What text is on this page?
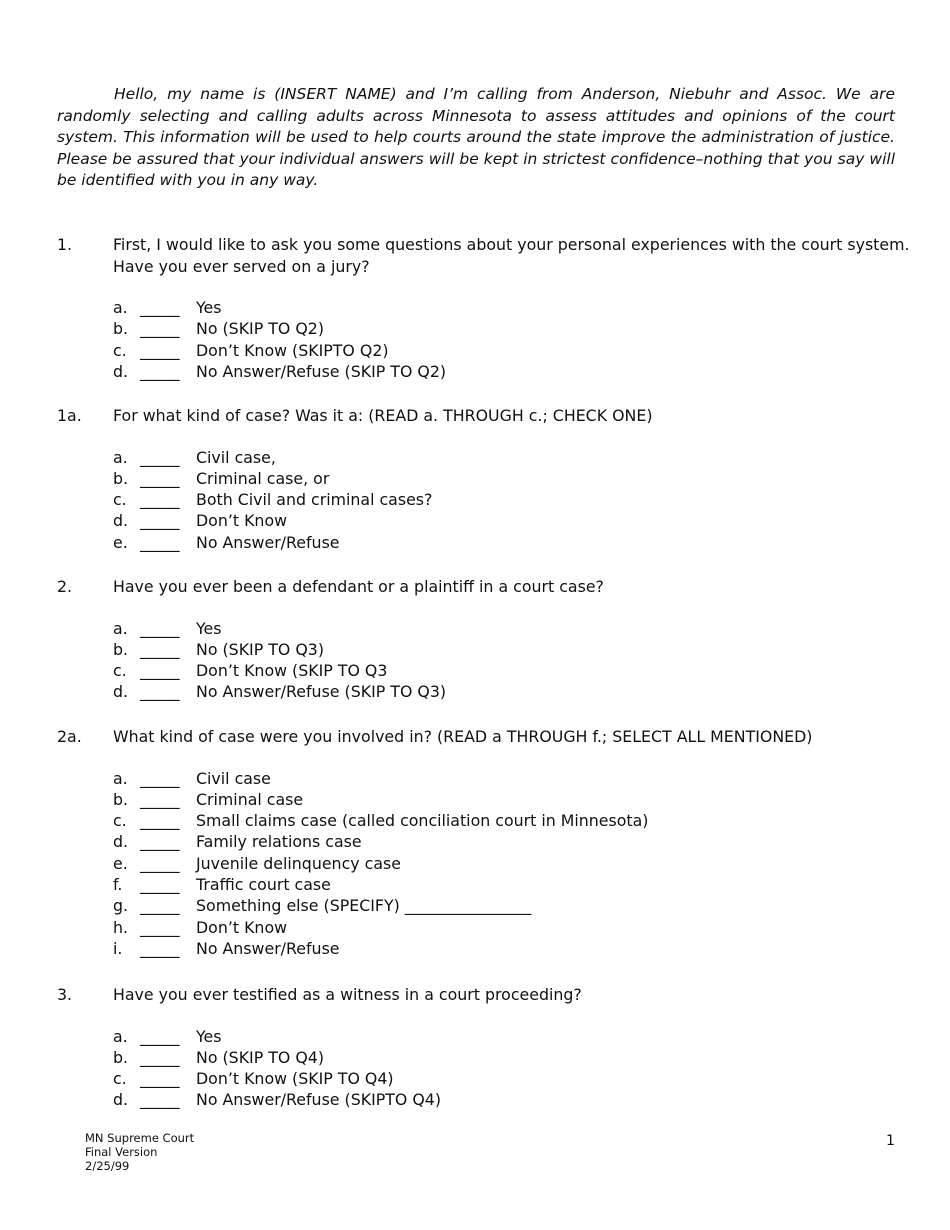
Hello, my name is (INSERT NAME) and I’m calling from Anderson, Niebuhr and Assoc. We are randomly selecting and calling adults across Minnesota to assess attitudes and opinions of the court system. This information will be used to help courts around the state improve the administration of justice. Please be assured that your individual answers will be kept in strictest confidence–nothing that you say will be identified with you in any way.

1.	First, I would like to ask you some questions about your personal experiences with the court system. Have you ever served on a jury?
a. _____	Yes
b. _____	No (SKIP TO Q2)
c. _____	Don’t Know (SKIPTO Q2)
d. _____	No Answer/Refuse (SKIP TO Q2)
1a.	For what kind of case? Was it a: (READ a. THROUGH c.; CHECK ONE)
a. _____	Civil case,
b. _____	Criminal case, or
c. _____	Both Civil and criminal cases?
d. _____	Don’t Know
e. _____	No Answer/Refuse
2.	Have you ever been a defendant or a plaintiff in a court case?
a. _____	Yes
b. _____	No (SKIP TO Q3)
c. _____	Don’t Know (SKIP TO Q3
d. _____	No Answer/Refuse (SKIP TO Q3)
2a.	What kind of case were you involved in? (READ a THROUGH f.; SELECT ALL MENTIONED)
a. _____	Civil case
b. _____	Criminal case
c. _____	Small claims case (called conciliation court in Minnesota)
d. _____	Family relations case
e. _____	Juvenile delinquency case
f.	_____	Traffic court case
g. _____	Something else (SPECIFY) ________________
h. _____	Don’t Know
i.	_____	No Answer/Refuse
3.	Have you ever testified as a witness in a court proceeding?
a. _____	Yes
b. _____	No (SKIP TO Q4)
c. _____	Don’t Know (SKIP TO Q4)
d. _____	No Answer/Refuse (SKIPTO Q4)
MN Supreme Court
Final Version
2/25/99
1
